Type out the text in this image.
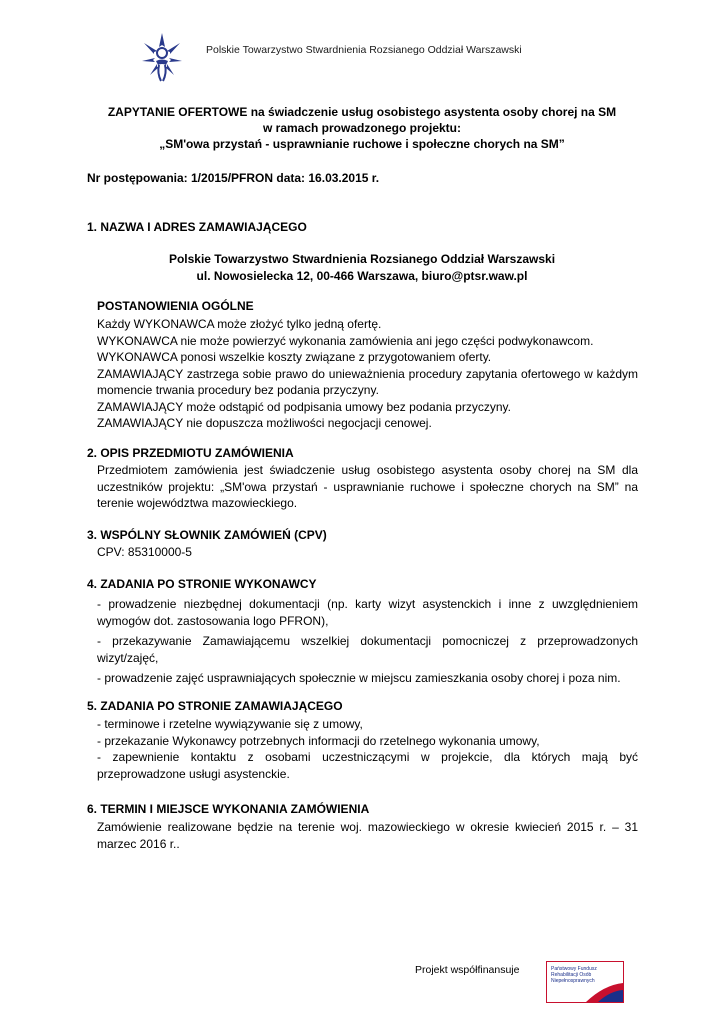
Polskie Towarzystwo Stwardnienia Rozsianego Oddział Warszawski
ZAPYTANIE OFERTOWE na świadczenie usług osobistego asystenta osoby chorej na SM
w ramach prowadzonego projektu:
„SM'owa przystań - usprawnianie ruchowe i społeczne chorych na SM”
Nr postępowania: 1/2015/PFRON data: 16.03.2015 r.
1. NAZWA I ADRES ZAMAWIAJĄCEGO
Polskie Towarzystwo Stwardnienia Rozsianego Oddział Warszawski
ul. Nowosielecka 12, 00-466 Warszawa, biuro@ptsr.waw.pl
POSTANOWIENIA OGÓLNE
Każdy WYKONAWCA może złożyć tylko jedną ofertę.
WYKONAWCA nie może powierzyć wykonania zamówienia ani jego części podwykonawcom.
WYKONAWCA ponosi wszelkie koszty związane z przygotowaniem oferty.
ZAMAWIAJĄCY zastrzega sobie prawo do unieważnienia procedury zapytania ofertowego w każdym momencie trwania procedury bez podania przyczyny.
ZAMAWIAJĄCY może odstąpić od podpisania umowy bez podania przyczyny.
ZAMAWIAJĄCY nie dopuszcza możliwości negocjacji cenowej.
2. OPIS PRZEDMIOTU ZAMÓWIENIA
Przedmiotem zamówienia jest świadczenie usług osobistego asystenta osoby chorej na SM dla uczestników projektu: „SM'owa przystań - usprawnianie ruchowe i społeczne chorych na SM” na terenie województwa mazowieckiego.
3. WSPÓLNY SŁOWNIK ZAMÓWIEŃ (CPV)
CPV: 85310000-5
4. ZADANIA PO STRONIE WYKONAWCY
- prowadzenie niezbędnej dokumentacji (np. karty wizyt asystenckich i inne z uwzględnieniem wymogów dot. zastosowania logo PFRON),
- przekazywanie Zamawiającemu wszelkiej dokumentacji pomocniczej z przeprowadzonych wizyt/zajęć,
- prowadzenie zajęć usprawniających społecznie w miejscu zamieszkania osoby chorej i poza nim.
5. ZADANIA PO STRONIE ZAMAWIAJĄCEGO
- terminowe i rzetelne wywiązywanie się z umowy,
- przekazanie Wykonawcy potrzebnych informacji do rzetelnego wykonania umowy,
- zapewnienie kontaktu z osobami uczestniczącymi w projekcie, dla których mają być przeprowadzone usługi asystenckie.
6. TERMIN I MIEJSCE WYKONANIA ZAMÓWIENIA
Zamówienie realizowane będzie na terenie woj. mazowieckiego w okresie kwiecień 2015 r. – 31 marzec 2016 r..
Projekt współfinansuje	Państwowy Fundusz
Rehabilitacji Osób
Niepełnosprawnych
